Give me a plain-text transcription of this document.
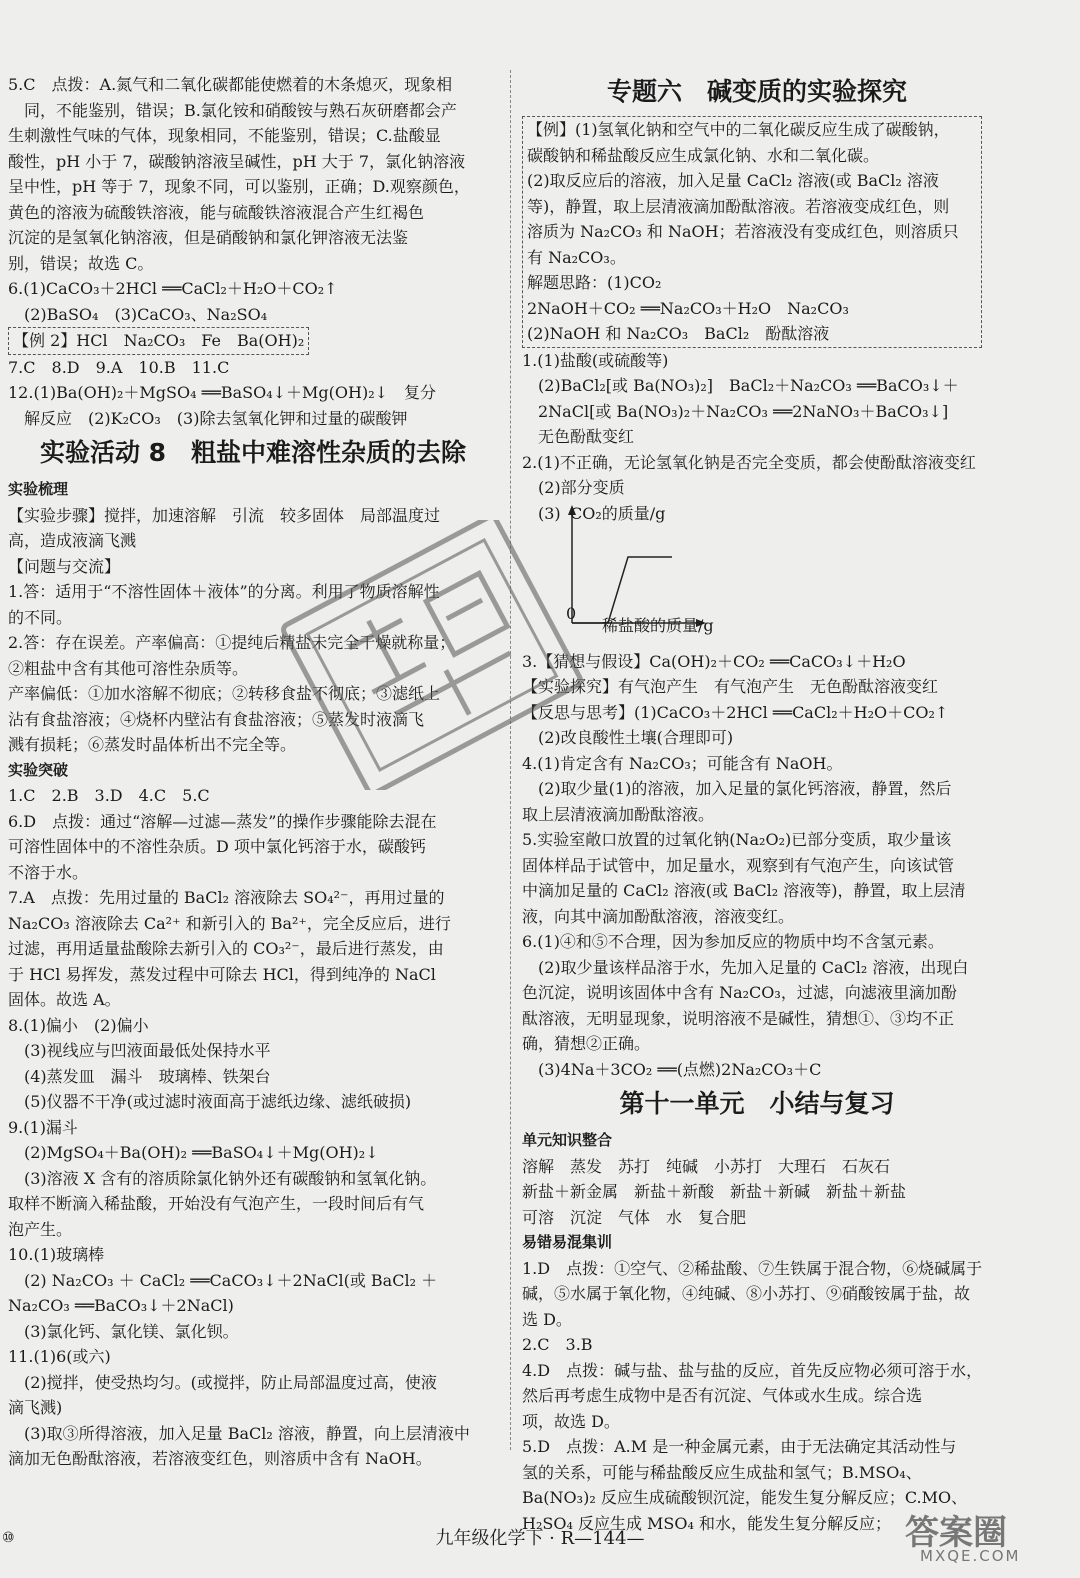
5.C　点拨：A.氮气和二氧化碳都能使燃着的木条熄灭，现象相
同，不能鉴别，错误；B.氯化铵和硝酸铵与熟石灰研磨都会产
生刺激性气味的气体，现象相同，不能鉴别，错误；C.盐酸显
酸性，pH 小于 7，碳酸钠溶液呈碱性，pH 大于 7，氯化钠溶液
呈中性，pH 等于 7，现象不同，可以鉴别，正确；D.观察颜色，
黄色的溶液为硫酸铁溶液，能与硫酸铁溶液混合产生红褐色
沉淀的是氢氧化钠溶液，但是硝酸钠和氯化钾溶液无法鉴
别，错误；故选 C。
6.(1)CaCO₃＋2HCl ══CaCl₂＋H₂O＋CO₂↑
(2)BaSO₄　(3)CaCO₃、Na₂SO₄
【例 2】HCl　Na₂CO₃　Fe　Ba(OH)₂
7.C　8.D　9.A　10.B　11.C
12.(1)Ba(OH)₂＋MgSO₄ ══BaSO₄↓＋Mg(OH)₂↓　复分
解反应　(2)K₂CO₃　(3)除去氢氧化钾和过量的碳酸钾
实验活动 8　粗盐中难溶性杂质的去除
实验梳理
【实验步骤】搅拌，加速溶解　引流　较多固体　局部温度过
高，造成液滴飞溅
【问题与交流】
1.答：适用于“不溶性固体＋液体”的分离。利用了物质溶解性
的不同。
2.答：存在误差。产率偏高：①提纯后精盐未完全干燥就称量；
②粗盐中含有其他可溶性杂质等。
产率偏低：①加水溶解不彻底；②转移食盐不彻底；③滤纸上
沾有食盐溶液；④烧杯内壁沾有食盐溶液；⑤蒸发时液滴飞
溅有损耗；⑥蒸发时晶体析出不完全等。
实验突破
1.C　2.B　3.D　4.C　5.C
6.D　点拨：通过“溶解—过滤—蒸发”的操作步骤能除去混在
可溶性固体中的不溶性杂质。D 项中氯化钙溶于水，碳酸钙
不溶于水。
7.A　点拨：先用过量的 BaCl₂ 溶液除去 SO₄²⁻，再用过量的
Na₂CO₃ 溶液除去 Ca²⁺ 和新引入的 Ba²⁺，完全反应后，进行
过滤，再用适量盐酸除去新引入的 CO₃²⁻，最后进行蒸发，由
于 HCl 易挥发，蒸发过程中可除去 HCl，得到纯净的 NaCl
固体。故选 A。
8.(1)偏小　(2)偏小
(3)视线应与凹液面最低处保持水平
(4)蒸发皿　漏斗　玻璃棒、铁架台
(5)仪器不干净(或过滤时液面高于滤纸边缘、滤纸破损)
9.(1)漏斗
(2)MgSO₄＋Ba(OH)₂ ══BaSO₄↓＋Mg(OH)₂↓
(3)溶液 X 含有的溶质除氯化钠外还有碳酸钠和氢氧化钠。
取样不断滴入稀盐酸，开始没有气泡产生，一段时间后有气
泡产生。
10.(1)玻璃棒
(2) Na₂CO₃ ＋ CaCl₂ ══CaCO₃↓＋2NaCl(或 BaCl₂ ＋
Na₂CO₃ ══BaCO₃↓＋2NaCl)
(3)氯化钙、氯化镁、氯化钡。
11.(1)6(或六)
(2)搅拌，使受热均匀。(或搅拌，防止局部温度过高，使液
滴飞溅)
(3)取③所得溶液，加入足量 BaCl₂ 溶液，静置，向上层清液中
滴加无色酚酞溶液，若溶液变红色，则溶质中含有 NaOH。
专题六　碱变质的实验探究
【例】(1)氢氧化钠和空气中的二氧化碳反应生成了碳酸钠，
碳酸钠和稀盐酸反应生成氯化钠、水和二氧化碳。
(2)取反应后的溶液，加入足量 CaCl₂ 溶液(或 BaCl₂ 溶液
等)，静置，取上层清液滴加酚酞溶液。若溶液变成红色，则
溶质为 Na₂CO₃ 和 NaOH；若溶液没有变成红色，则溶质只
有 Na₂CO₃。
解题思路：(1)CO₂
2NaOH＋CO₂ ══Na₂CO₃＋H₂O　Na₂CO₃
(2)NaOH 和 Na₂CO₃　BaCl₂　酚酞溶液
1.(1)盐酸(或硫酸等)
(2)BaCl₂[或 Ba(NO₃)₂]　BaCl₂＋Na₂CO₃ ══BaCO₃↓＋
2NaCl[或 Ba(NO₃)₂＋Na₂CO₃ ══2NaNO₃＋BaCO₃↓]
无色酚酞变红
2.(1)不正确，无论氢氧化钠是否完全变质，都会使酚酞溶液变红
(2)部分变质
(3) CO₂的质量/g
0
稀盐酸的质量/g
3.【猜想与假设】Ca(OH)₂＋CO₂ ══CaCO₃↓＋H₂O
【实验探究】有气泡产生　有气泡产生　无色酚酞溶液变红
【反思与思考】(1)CaCO₃＋2HCl ══CaCl₂＋H₂O＋CO₂↑
(2)改良酸性土壤(合理即可)
4.(1)肯定含有 Na₂CO₃；可能含有 NaOH。
(2)取少量(1)的溶液，加入足量的氯化钙溶液，静置，然后
取上层清液滴加酚酞溶液。
5.实验室敞口放置的过氧化钠(Na₂O₂)已部分变质，取少量该
固体样品于试管中，加足量水，观察到有气泡产生，向该试管
中滴加足量的 CaCl₂ 溶液(或 BaCl₂ 溶液等)，静置，取上层清
液，向其中滴加酚酞溶液，溶液变红。
6.(1)④和⑤不合理，因为参加反应的物质中均不含氢元素。
(2)取少量该样品溶于水，先加入足量的 CaCl₂ 溶液，出现白
色沉淀，说明该固体中含有 Na₂CO₃，过滤，向滤液里滴加酚
酞溶液，无明显现象，说明溶液不是碱性，猜想①、③均不正
确，猜想②正确。
(3)4Na＋3CO₂ ══(点燃)2Na₂CO₃＋C
第十一单元　小结与复习
单元知识整合
溶解　蒸发　苏打　纯碱　小苏打　大理石　石灰石
新盐＋新金属　新盐＋新酸　新盐＋新碱　新盐＋新盐
可溶　沉淀　气体　水　复合肥
易错易混集训
1.D　点拨：①空气、②稀盐酸、⑦生铁属于混合物，⑥烧碱属于
碱，⑤水属于氧化物，④纯碱、⑧小苏打、⑨硝酸铵属于盐，故
选 D。
2.C　3.B
4.D　点拨：碱与盐、盐与盐的反应，首先反应物必须可溶于水，
然后再考虑生成物中是否有沉淀、气体或水生成。综合选
项，故选 D。
5.D　点拨：A.M 是一种金属元素，由于无法确定其活动性与
氢的关系，可能与稀盐酸反应生成盐和氢气；B.MSO₄、
Ba(NO₃)₂ 反应生成硫酸钡沉淀，能发生复分解反应；C.MO、
H₂SO₄ 反应生成 MSO₄ 和水，能发生复分解反应；
⑩	九年级化学下 · R—144—	答案圈
MXQE.COM
